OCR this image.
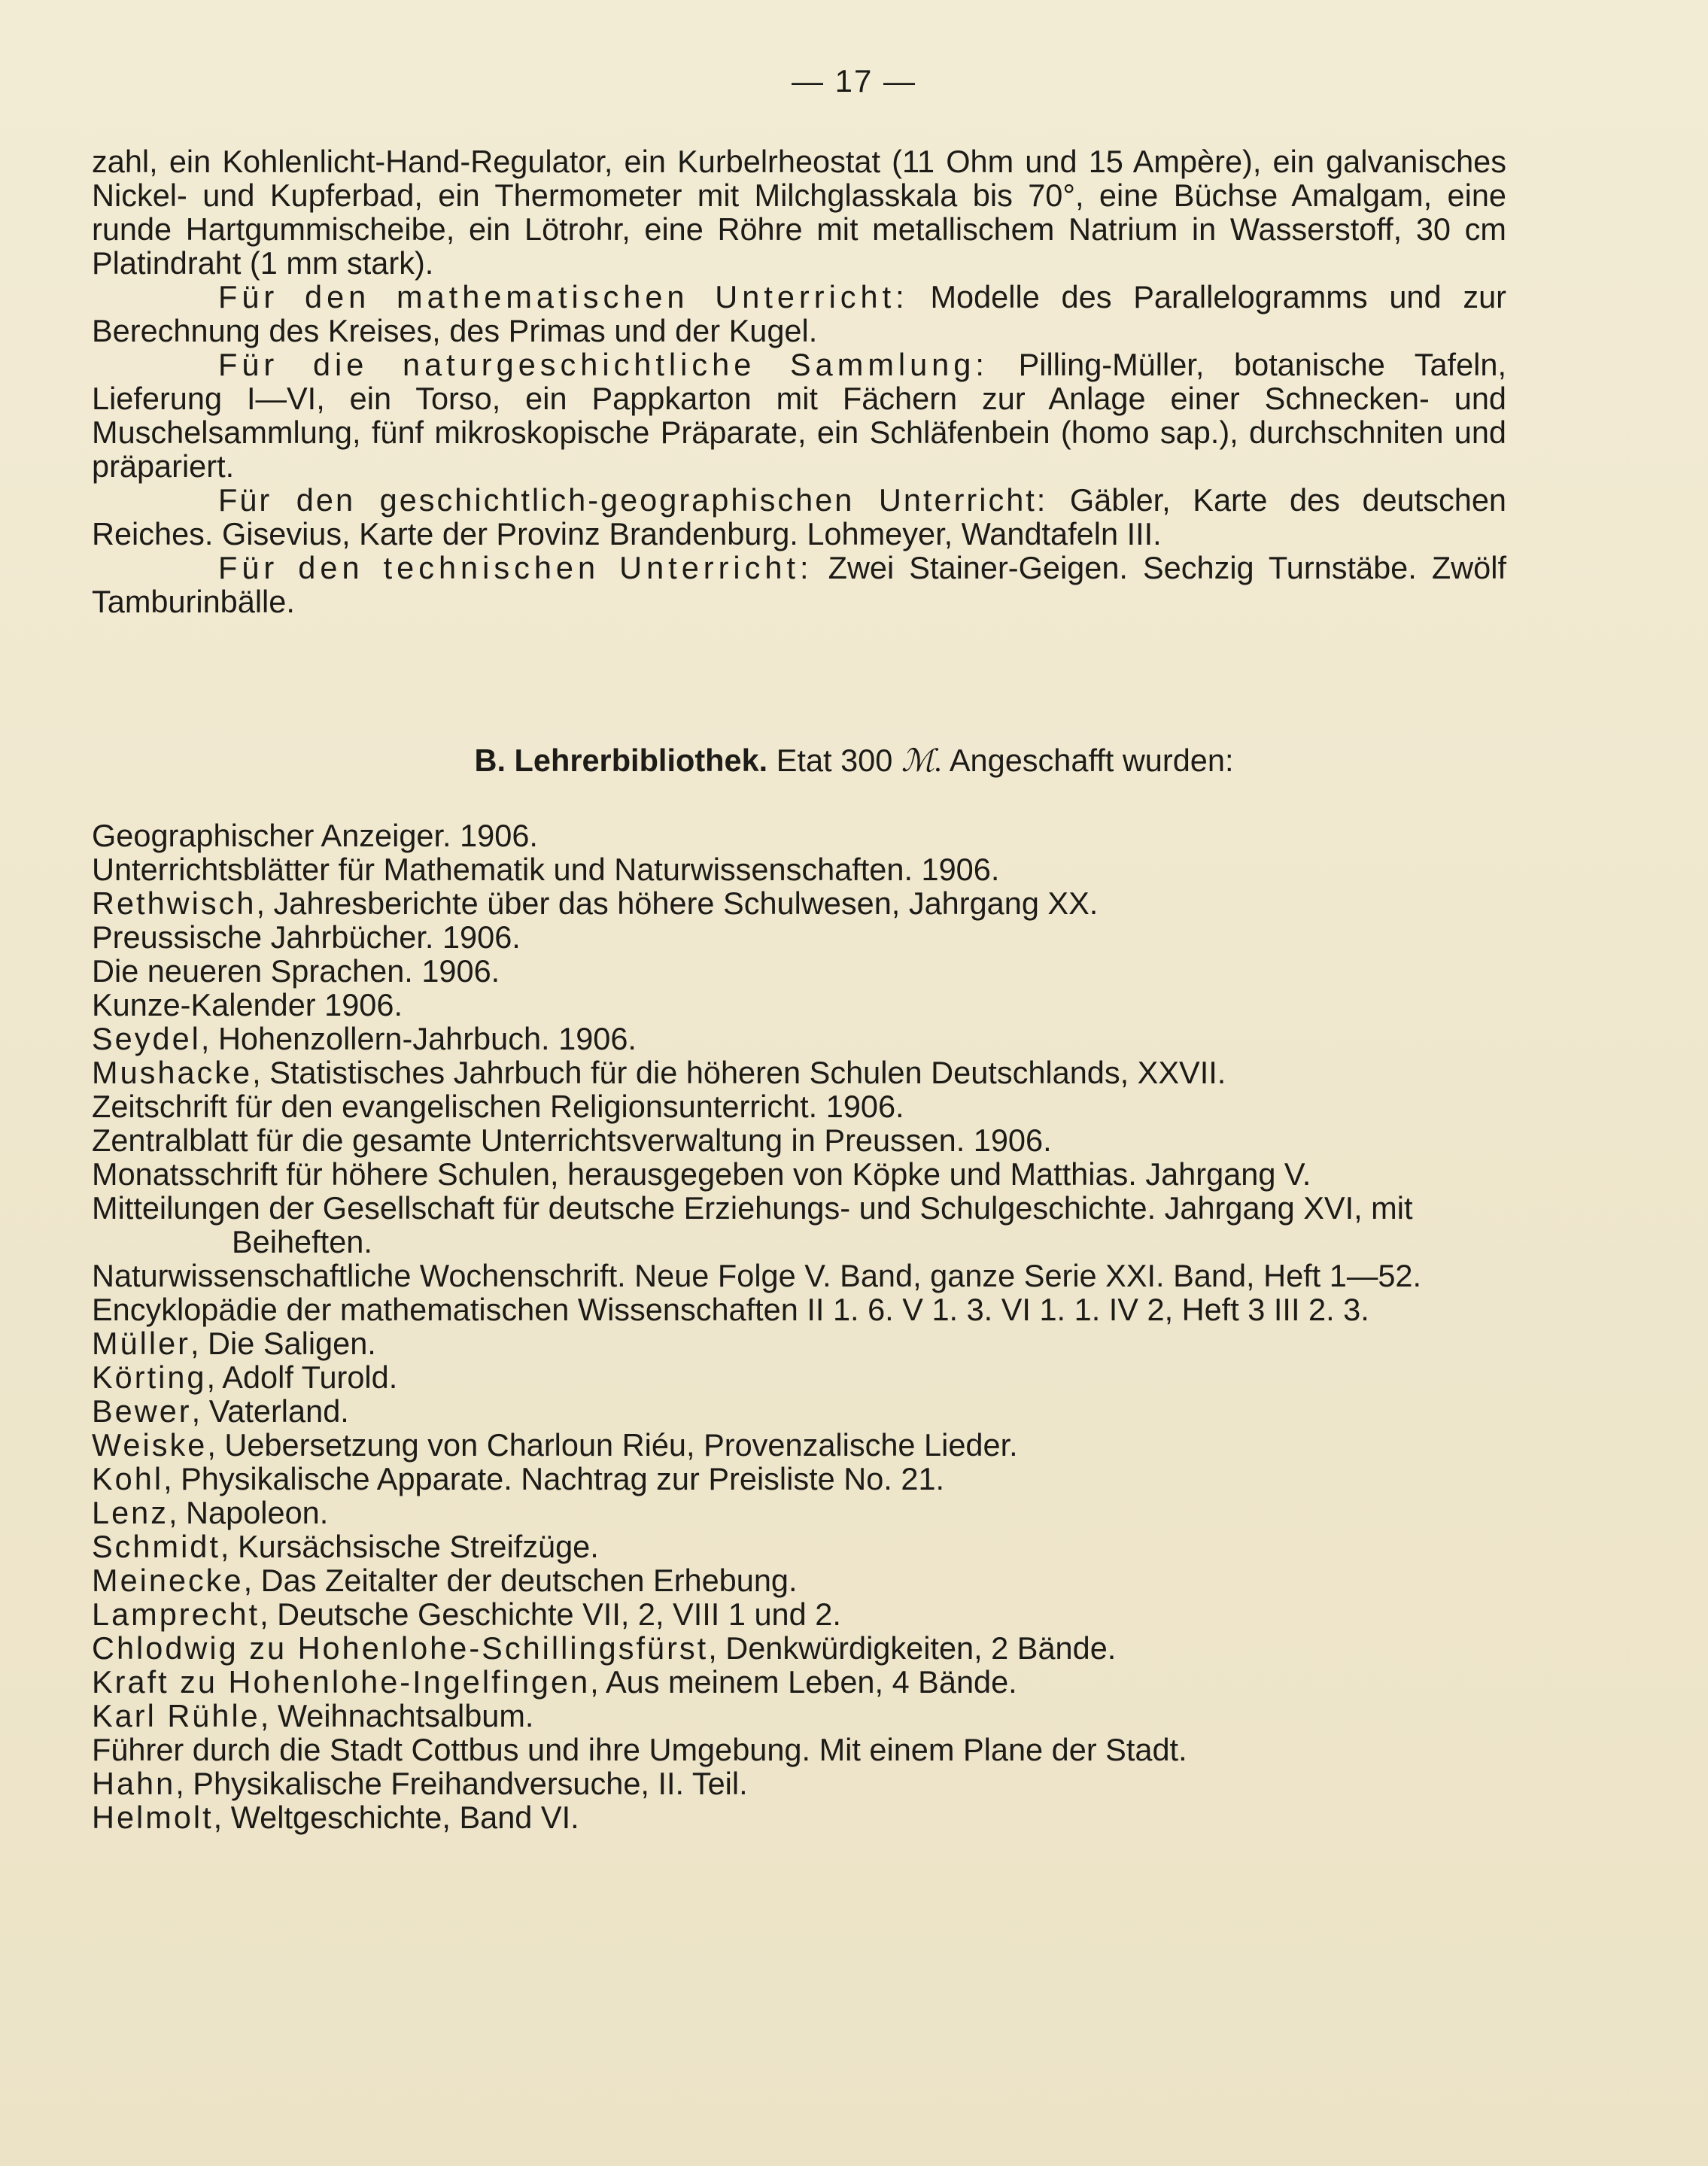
— 17 —

zahl, ein Kohlenlicht-Hand-Regulator, ein Kurbelrheostat (11 Ohm und 15 Ampère), ein galvanisches Nickel- und Kupferbad, ein Thermometer mit Milchglasskala bis 70°, eine Büchse Amalgam, eine runde Hartgummischeibe, ein Lötrohr, eine Röhre mit metallischem Natrium in Wasserstoff, 30 cm Platindraht (1 mm stark).

Für den mathematischen Unterricht: Modelle des Parallelogramms und zur Berechnung des Kreises, des Primas und der Kugel.

Für die naturgeschichtliche Sammlung: Pilling-Müller, botanische Tafeln, Lieferung I—VI, ein Torso, ein Pappkarton mit Fächern zur Anlage einer Schnecken- und Muschelsammlung, fünf mikroskopische Präparate, ein Schläfenbein (homo sap.), durchschniten und präpariert.

Für den geschichtlich-geographischen Unterricht: Gäbler, Karte des deutschen Reiches. Gisevius, Karte der Provinz Brandenburg. Lohmeyer, Wandtafeln III.

Für den technischen Unterricht: Zwei Stainer-Geigen. Sechzig Turnstäbe. Zwölf Tamburinbälle.

B. Lehrerbibliothek. Etat 300 ℳ. Angeschafft wurden:

Geographischer Anzeiger. 1906.

Unterrichtsblätter für Mathematik und Naturwissenschaften. 1906.

Rethwisch, Jahresberichte über das höhere Schulwesen, Jahrgang XX.

Preussische Jahrbücher. 1906.

Die neueren Sprachen. 1906.

Kunze-Kalender 1906.

Seydel, Hohenzollern-Jahrbuch. 1906.

Mushacke, Statistisches Jahrbuch für die höheren Schulen Deutschlands, XXVII.

Zeitschrift für den evangelischen Religionsunterricht. 1906.

Zentralblatt für die gesamte Unterrichtsverwaltung in Preussen. 1906.

Monatsschrift für höhere Schulen, herausgegeben von Köpke und Matthias. Jahrgang V.

Mitteilungen der Gesellschaft für deutsche Erziehungs- und Schulgeschichte. Jahrgang XVI, mit Beiheften.

Naturwissenschaftliche Wochenschrift. Neue Folge V. Band, ganze Serie XXI. Band, Heft 1—52.

Encyklopädie der mathematischen Wissenschaften II 1. 6. V 1. 3. VI 1. 1. IV 2, Heft 3 III 2. 3.

Müller, Die Saligen.

Körting, Adolf Turold.

Bewer, Vaterland.

Weiske, Uebersetzung von Charloun Riéu, Provenzalische Lieder.

Kohl, Physikalische Apparate. Nachtrag zur Preisliste No. 21.

Lenz, Napoleon.

Schmidt, Kursächsische Streifzüge.

Meinecke, Das Zeitalter der deutschen Erhebung.

Lamprecht, Deutsche Geschichte VII, 2, VIII 1 und 2.

Chlodwig zu Hohenlohe-Schillingsfürst, Denkwürdigkeiten, 2 Bände.

Kraft zu Hohenlohe-Ingelfingen, Aus meinem Leben, 4 Bände.

Karl Rühle, Weihnachtsalbum.

Führer durch die Stadt Cottbus und ihre Umgebung. Mit einem Plane der Stadt.

Hahn, Physikalische Freihandversuche, II. Teil.

Helmolt, Weltgeschichte, Band VI.
